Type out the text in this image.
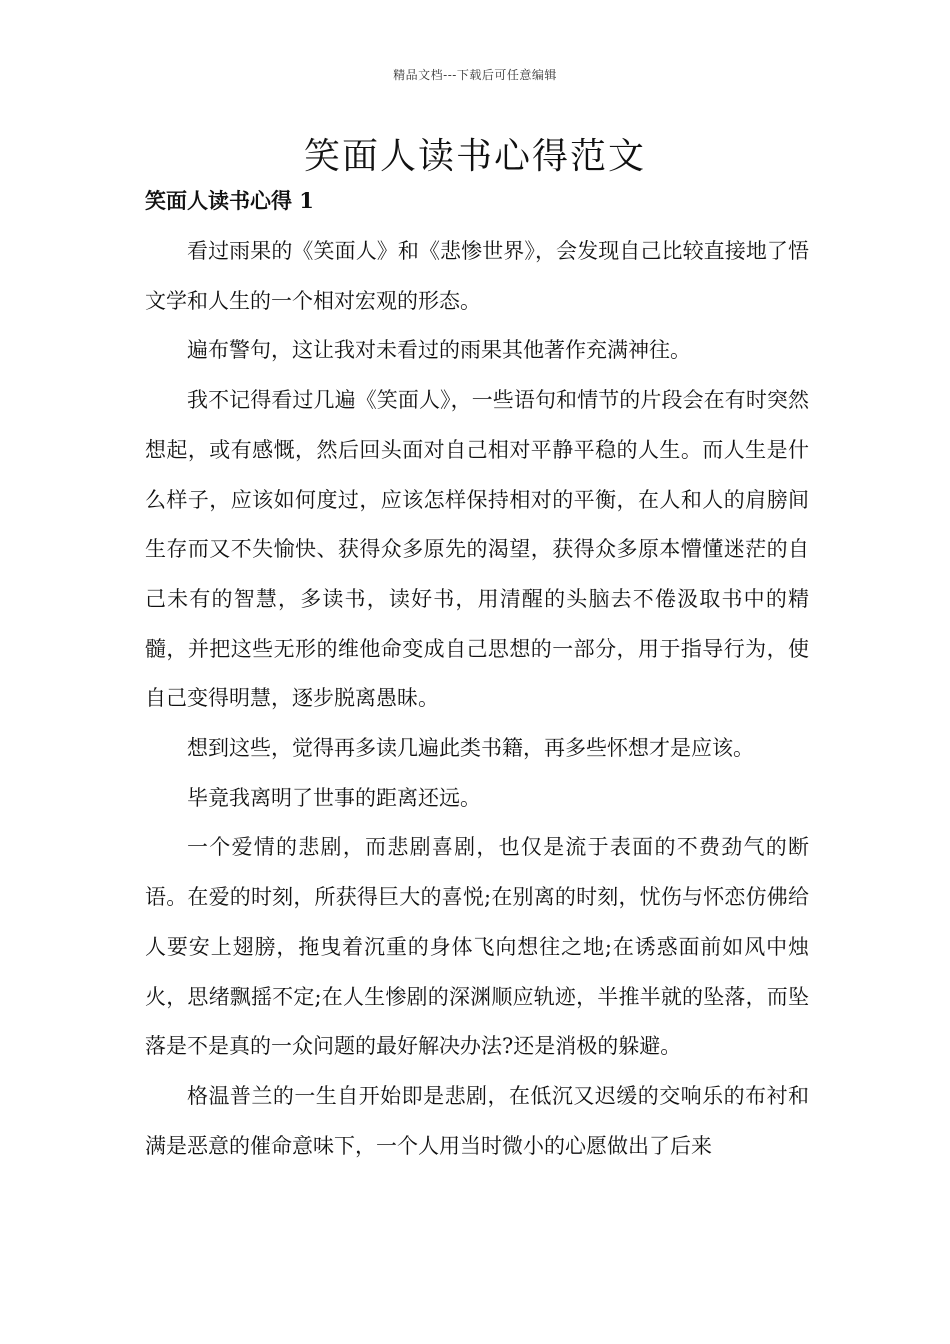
精品文档---下载后可任意编辑
笑面人读书心得范文
笑面人读书心得 1

看过雨果的《笑面人》和《悲惨世界》，会发现自己比较直接地了悟文学和人生的一个相对宏观的形态。

遍布警句，这让我对未看过的雨果其他著作充满神往。

我不记得看过几遍《笑面人》，一些语句和情节的片段会在有时突然想起，或有感慨，然后回头面对自己相对平静平稳的人生。而人生是什么样子，应该如何度过，应该怎样保持相对的平衡，在人和人的肩膀间生存而又不失愉快、获得众多原先的渴望，获得众多原本懵懂迷茫的自己未有的智慧，多读书，读好书，用清醒的头脑去不倦汲取书中的精髓，并把这些无形的维他命变成自己思想的一部分，用于指导行为，使自己变得明慧，逐步脱离愚昧。

想到这些，觉得再多读几遍此类书籍，再多些怀想才是应该。

毕竟我离明了世事的距离还远。

一个爱情的悲剧，而悲剧喜剧，也仅是流于表面的不费劲气的断语。在爱的时刻，所获得巨大的喜悦;在别离的时刻，忧伤与怀恋仿佛给人要安上翅膀，拖曳着沉重的身体飞向想往之地;在诱惑面前如风中烛火，思绪飘摇不定;在人生惨剧的深渊顺应轨迹，半推半就的坠落，而坠落是不是真的一众问题的最好解决办法?还是消极的躲避。

格温普兰的一生自开始即是悲剧，在低沉又迟缓的交响乐的布衬和满是恶意的催命意味下，一个人用当时微小的心愿做出了后来
